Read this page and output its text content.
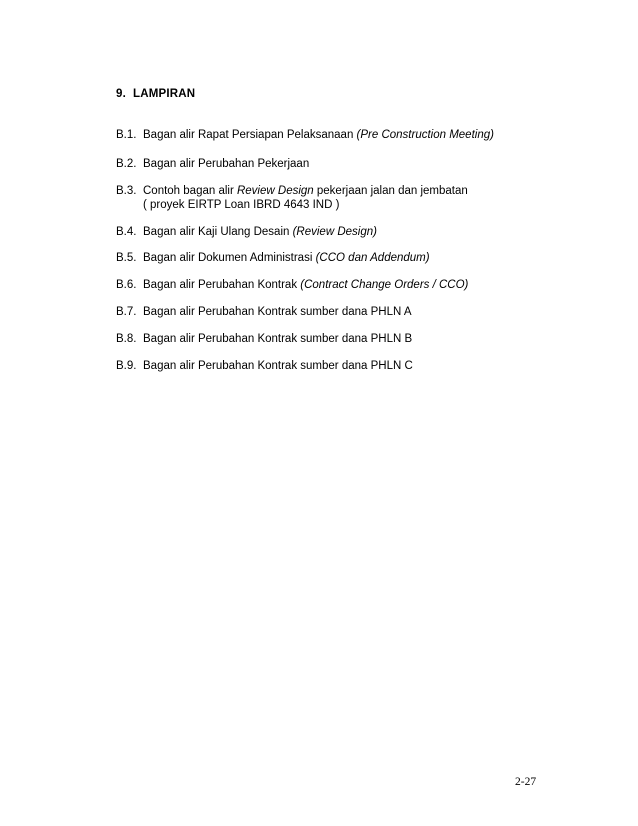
9. LAMPIRAN
B.1. Bagan alir Rapat Persiapan Pelaksanaan (Pre Construction Meeting)
B.2. Bagan alir Perubahan Pekerjaan
B.3. Contoh bagan alir Review Design pekerjaan jalan dan jembatan
( proyek EIRTP Loan IBRD 4643 IND )
B.4. Bagan alir Kaji Ulang Desain (Review Design)
B.5. Bagan alir Dokumen Administrasi (CCO dan Addendum)
B.6. Bagan alir Perubahan Kontrak (Contract Change Orders / CCO)
B.7. Bagan alir Perubahan Kontrak sumber dana PHLN A
B.8. Bagan alir Perubahan Kontrak sumber dana PHLN B
B.9. Bagan alir Perubahan Kontrak sumber dana PHLN C
2-27
